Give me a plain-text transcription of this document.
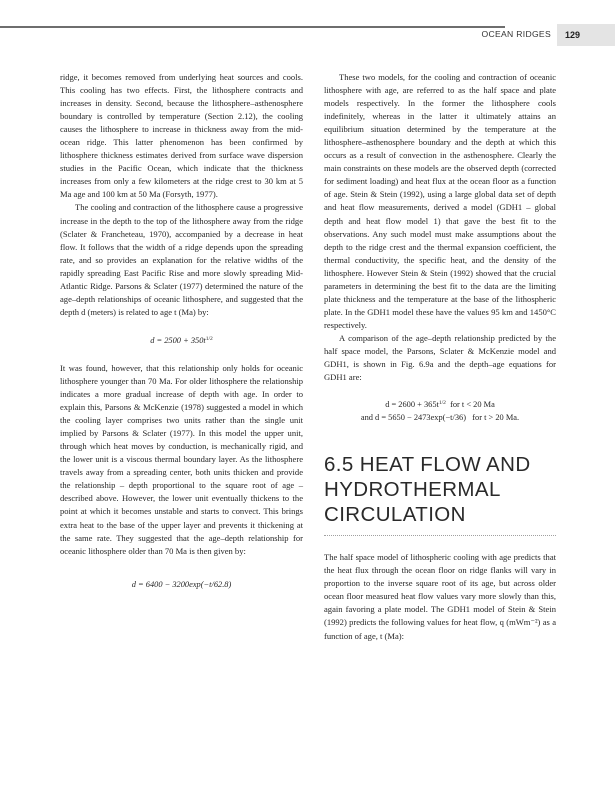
OCEAN RIDGES 129

ridge, it becomes removed from underlying heat sources and cools. This cooling has two effects. First, the lithosphere contracts and increases in density. Second, because the lithosphere–asthenosphere boundary is controlled by temperature (Section 2.12), the cooling causes the lithosphere to increase in thickness away from the mid-ocean ridge. This latter phenomenon has been confirmed by lithosphere thickness estimates derived from surface wave dispersion studies in the Pacific Ocean, which indicate that the thickness increases from only a few kilometers at the ridge crest to 30 km at 5 Ma age and 100 km at 50 Ma (Forsyth, 1977).

The cooling and contraction of the lithosphere cause a progressive increase in the depth to the top of the lithosphere away from the ridge (Sclater & Francheteau, 1970), accompanied by a decrease in heat flow. It follows that the width of a ridge depends upon the spreading rate, and so provides an explanation for the relative widths of the rapidly spreading East Pacific Rise and more slowly spreading Mid-Atlantic Ridge. Parsons & Sclater (1977) determined the nature of the age–depth relationships of oceanic lithosphere, and suggested that the depth d (meters) is related to age t (Ma) by:

$d = 2500 + 350t^{1/2}$

It was found, however, that this relationship only holds for oceanic lithosphere younger than 70 Ma. For older lithosphere the relationship indicates a more gradual increase of depth with age. In order to explain this, Parsons & McKenzie (1978) suggested a model in which the cooling layer comprises two units rather than the single unit implied by Parsons & Sclater (1977). In this model the upper unit, through which heat moves by conduction, is mechanically rigid, and the lower unit is a viscous thermal boundary layer. As the lithosphere travels away from a spreading center, both units thicken and provide the relationship – depth proportional to the square root of age – described above. However, the lower unit eventually thickens to the point at which it becomes unstable and starts to convect. This brings extra heat to the base of the upper layer and prevents it thickening at the same rate. They suggested that the age–depth relationship for oceanic lithosphere older than 70 Ma is then given by:

d = 6400 − 3200exp(−t/62.8)

These two models, for the cooling and contraction of oceanic lithosphere with age, are referred to as the half space and plate models respectively. In the former the lithosphere cools indefinitely, whereas in the latter it ultimately attains an equilibrium situation determined by the temperature at the lithosphere–asthenosphere boundary and the depth at which this occurs as a result of convection in the asthenosphere. Clearly the main constraints on these models are the observed depth (corrected for sediment loading) and heat flux at the ocean floor as a function of age. Stein & Stein (1992), using a large global data set of depth and heat flow measurements, derived a model (GDH1 – global depth and heat flow model 1) that gave the best fit to the observations. Any such model must make assumptions about the depth to the ridge crest and the thermal expansion coefficient, the thermal conductivity, the specific heat, and the density of the lithosphere. However Stein & Stein (1992) showed that the crucial parameters in determining the best fit to the data are the limiting plate thickness and the temperature at the base of the lithospheric plate. In the GDH1 model these have the values 95 km and 1450°C respectively.

A comparison of the age–depth relationship predicted by the half space model, the Parsons, Sclater & McKenzie model and GDH1, is shown in Fig. 6.9a and the depth–age equations for GDH1 are:

$d = 2600 + 365t^{1/2}$  for t < 20 Ma
and d = 5650 − 2473exp(−t/36)   for t > 20 Ma.
6.5 HEAT FLOW AND HYDROTHERMAL CIRCULATION

The half space model of lithospheric cooling with age predicts that the heat flux through the ocean floor on ridge flanks will vary in proportion to the inverse square root of its age, but across older ocean floor measured heat flow values vary more slowly than this, again favoring a plate model. The GDH1 model of Stein & Stein (1992) predicts the following values for heat flow, q (mWm⁻²) as a function of age, t (Ma):
